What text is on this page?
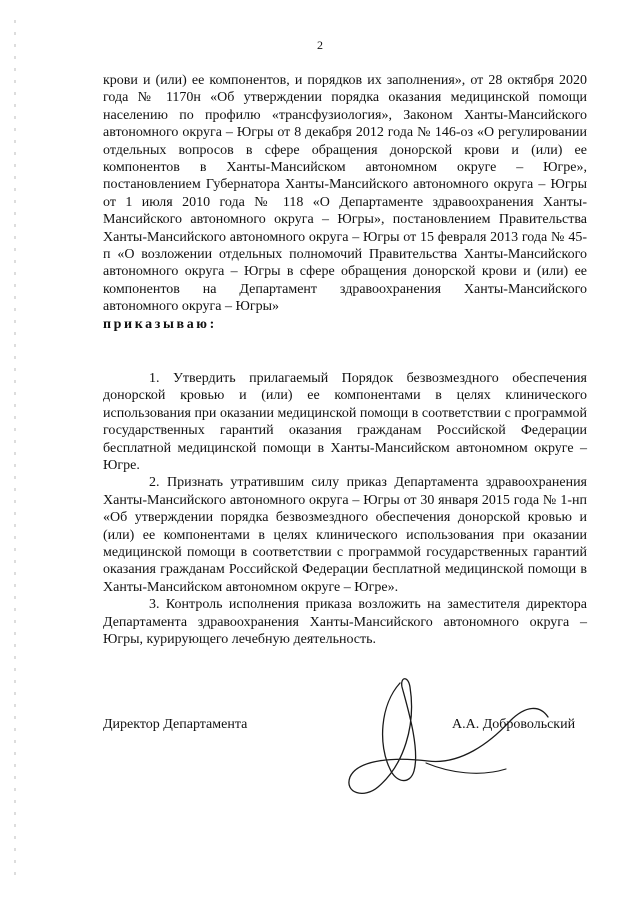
2
крови и (или) ее компонентов, и порядков их заполнения», от 28 октября 2020 года № 1170н «Об утверждении порядка оказания медицинской помощи населению по профилю «трансфузиология», Законом Ханты-Мансийского автономного округа – Югры от 8 декабря 2012 года № 146-оз «О регулировании отдельных вопросов в сфере обращения донорской крови и (или) ее компонентов в Ханты-Мансийском автономном округе – Югре», постановлением Губернатора Ханты-Мансийского автономного округа – Югры от 1 июля 2010 года № 118 «О Департаменте здравоохранения Ханты-Мансийского автономного округа – Югры», постановлением Правительства Ханты-Мансийского автономного округа – Югры от 15 февраля 2013 года № 45-п «О возложении отдельных полномочий Правительства Ханты-Мансийского автономного округа – Югры в сфере обращения донорской крови и (или) ее компонентов на Департамент здравоохранения Ханты-Мансийского автономного округа – Югры»
приказываю:

1. Утвердить прилагаемый Порядок безвозмездного обеспечения донорской кровью и (или) ее компонентами в целях клинического использования при оказании медицинской помощи в соответствии с программой государственных гарантий оказания гражданам Российской Федерации бесплатной медицинской помощи в Ханты-Мансийском автономном округе – Югре.

2. Признать утратившим силу приказ Департамента здравоохранения Ханты-Мансийского автономного округа – Югры от 30 января 2015 года № 1-нп «Об утверждении порядка безвозмездного обеспечения донорской кровью и (или) ее компонентами в целях клинического использования при оказании медицинской помощи в соответствии с программой государственных гарантий оказания гражданам Российской Федерации бесплатной медицинской помощи в Ханты-Мансийском автономном округе – Югре».

3. Контроль исполнения приказа возложить на заместителя директора Департамента здравоохранения Ханты-Мансийского автономного округа – Югры, курирующего лечебную деятельность.

Директор Департамента	А.А. Добровольский
